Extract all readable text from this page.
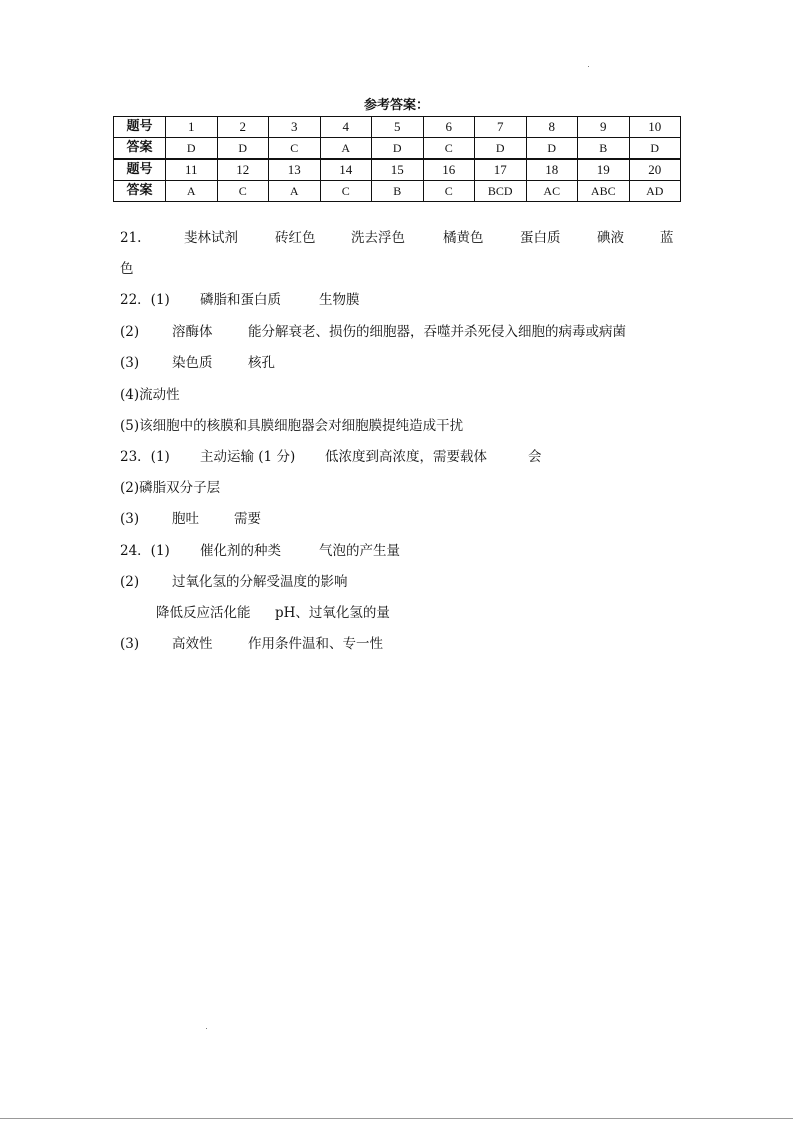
参考答案：
题号	1	2	3	4	5	6	7	8	9	10
答案	D	D	C	A	D	C	D	D	B	D
题号	11	12	13	14	15	16	17	18	19	20
答案	A	C	A	C	B	C	BCD	AC	ABC	AD
21.	斐林试剂	砖红色	洗去浮色	橘黄色	蛋白质	碘液	蓝
色
22．(1) 磷脂和蛋白质	生物膜
(2) 溶酶体	能分解衰老、损伤的细胞器，吞噬并杀死侵入细胞的病毒或病菌
(3) 染色质	核孔
(4)流动性
(5)该细胞中的核膜和具膜细胞器会对细胞膜提纯造成干扰
23．(1) 主动运输 (1 分) 低浓度到高浓度，需要载体	会
(2)磷脂双分子层
(3) 胞吐	需要
24．(1) 催化剂的种类	气泡的产生量
(2) 过氧化氢的分解受温度的影响
降低反应活化能 pH、过氧化氢的量
(3) 高效性	作用条件温和、专一性
